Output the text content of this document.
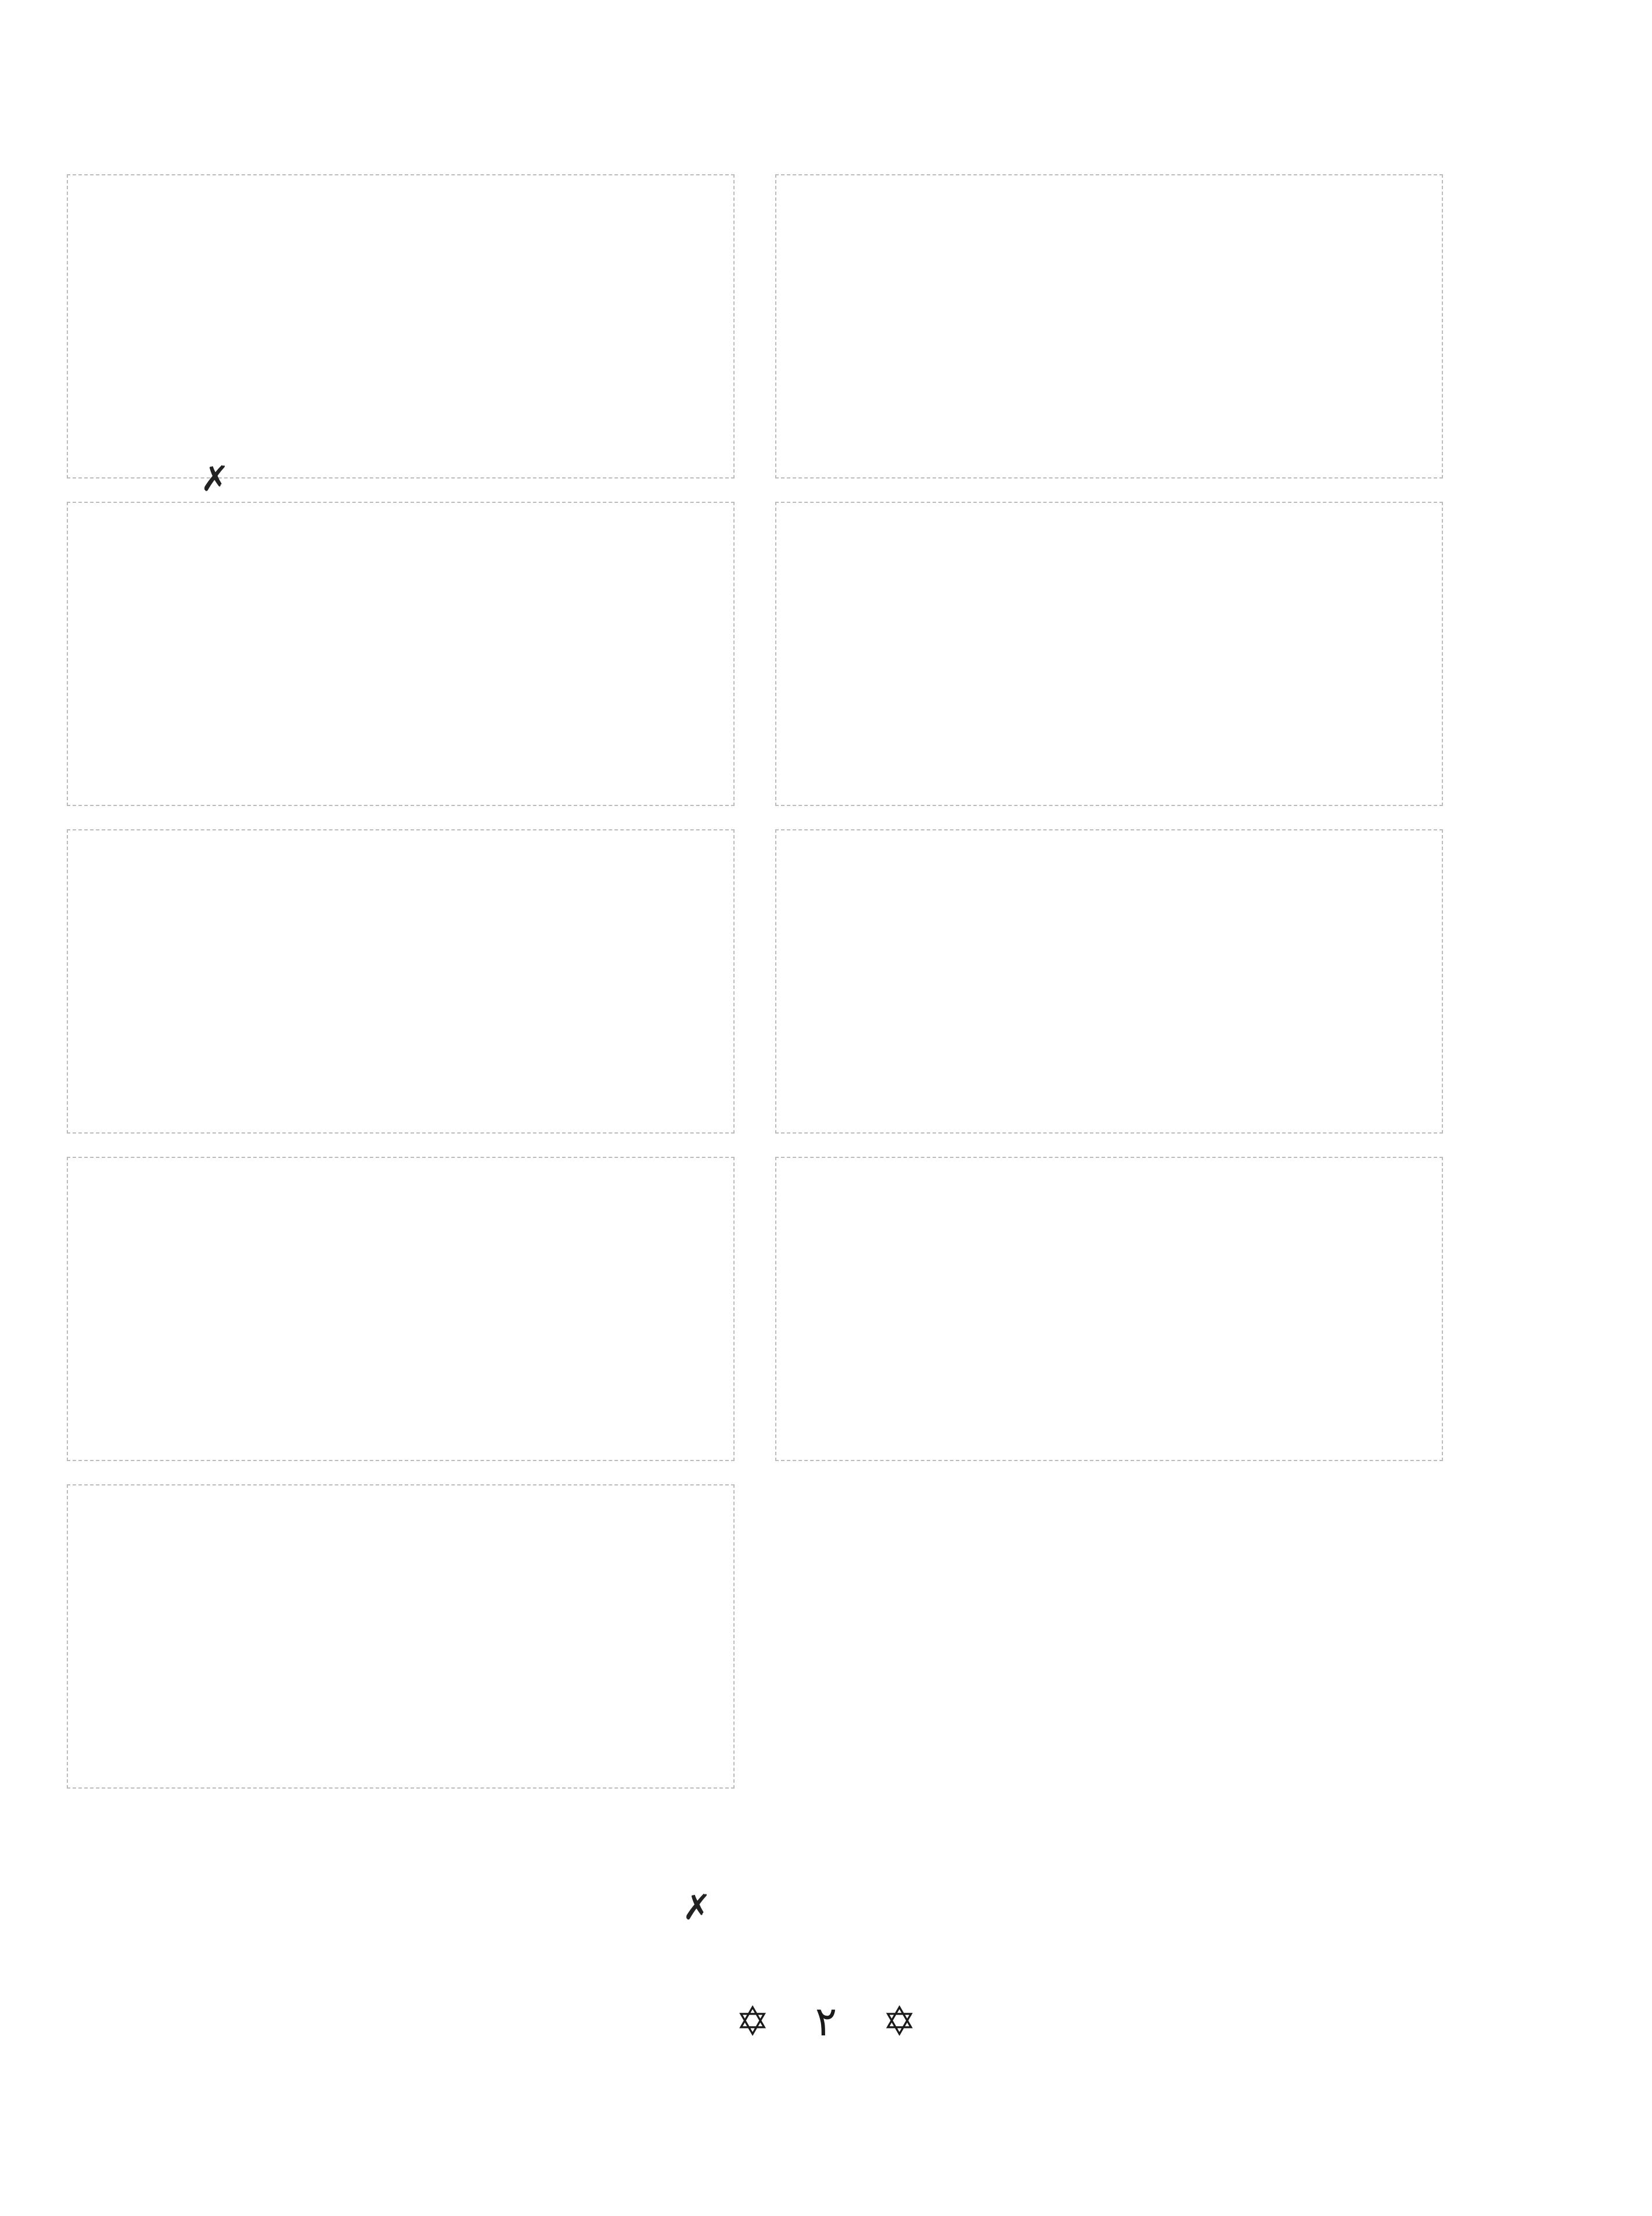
✗
✗
✡ ٢ ✡
